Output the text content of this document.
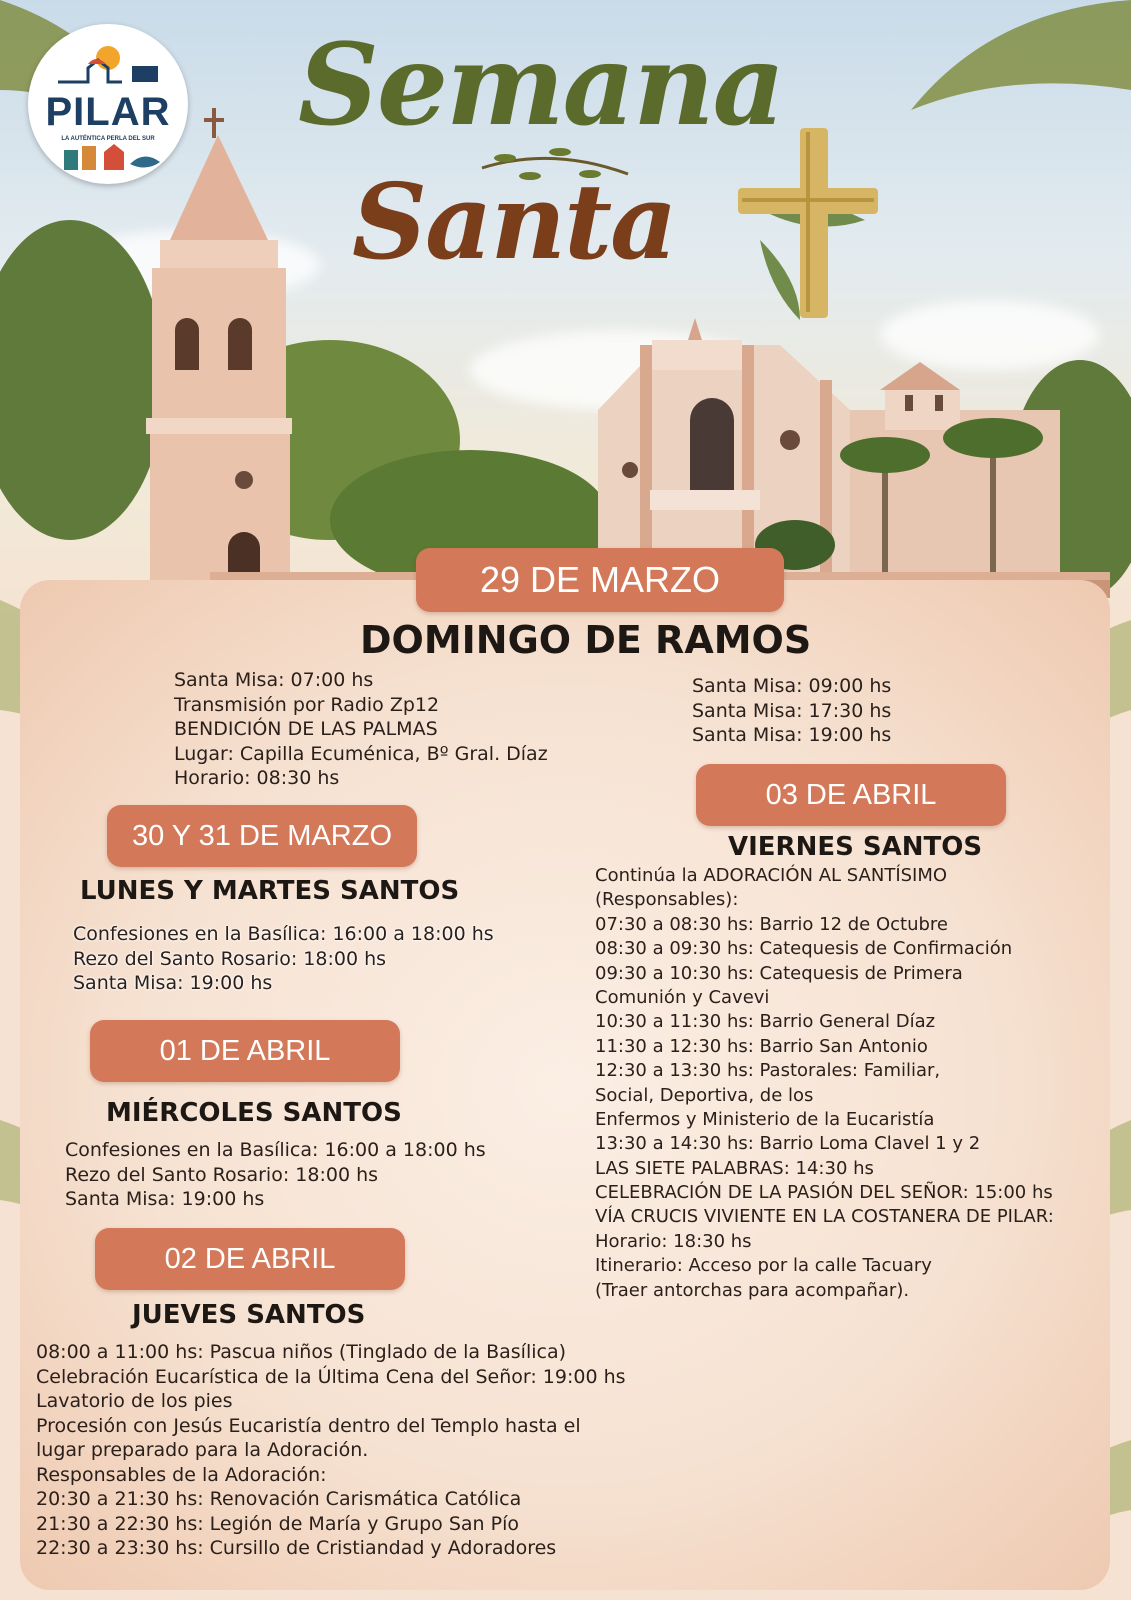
PILAR
LA AUTÉNTICA PERLA DEL SUR Semana
Santa
29 DE MARZO
DOMINGO DE RAMOS
Santa Misa: 07:00 hs
Transmisión por Radio Zp12
BENDICIÓN DE LAS PALMAS
Lugar: Capilla Ecuménica, Bº Gral. Díaz
Horario: 08:30 hs
Santa Misa: 09:00 hs
Santa Misa: 17:30 hs
Santa Misa: 19:00 hs
30 Y 31 DE MARZO
LUNES Y MARTES SANTOS
Confesiones en la Basílica: 16:00 a 18:00 hs
Rezo del Santo Rosario: 18:00 hs
Santa Misa: 19:00 hs
01 DE ABRIL
MIÉRCOLES SANTOS
Confesiones en la Basílica: 16:00 a 18:00 hs
Rezo del Santo Rosario: 18:00 hs
Santa Misa: 19:00 hs
02 DE ABRIL
JUEVES SANTOS
08:00 a 11:00 hs: Pascua niños (Tinglado de la Basílica)
Celebración Eucarística de la Última Cena del Señor: 19:00 hs
Lavatorio de los pies
Procesión con Jesús Eucaristía dentro del Templo hasta el
lugar preparado para la Adoración.
Responsables de la Adoración:
20:30 a 21:30 hs: Renovación Carismática Católica
21:30 a 22:30 hs: Legión de María y Grupo San Pío
22:30 a 23:30 hs: Cursillo de Cristiandad y Adoradores
03 DE ABRIL
VIERNES SANTOS
Continúa la ADORACIÓN AL SANTÍSIMO
(Responsables):
07:30 a 08:30 hs: Barrio 12 de Octubre
08:30 a 09:30 hs: Catequesis de Confirmación
09:30 a 10:30 hs: Catequesis de Primera
Comunión y Cavevi
10:30 a 11:30 hs: Barrio General Díaz
11:30 a 12:30 hs: Barrio San Antonio
12:30 a 13:30 hs: Pastorales: Familiar,
Social, Deportiva, de los
Enfermos y Ministerio de la Eucaristía
13:30 a 14:30 hs: Barrio Loma Clavel 1 y 2
LAS SIETE PALABRAS: 14:30 hs
CELEBRACIÓN DE LA PASIÓN DEL SEÑOR: 15:00 hs
VÍA CRUCIS VIVIENTE EN LA COSTANERA DE PILAR:
Horario: 18:30 hs
Itinerario: Acceso por la calle Tacuary
(Traer antorchas para acompañar).
